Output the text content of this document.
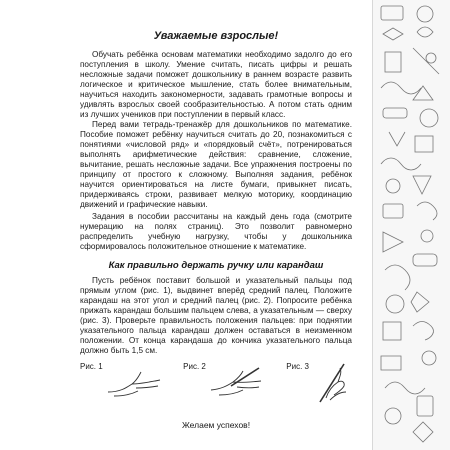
Уважаемые взрослые!

Обучать ребёнка основам математики необходимо задолго до его поступления в школу. Умение считать, писать цифры и решать несложные задачи поможет дошкольнику в раннем возрасте развить логическое и критическое мышление, стать более внимательным, научиться находить закономерности, задавать грамотные вопросы и удивлять взрослых своей сообразительностью. А потом стать одним из лучших учеников при поступлении в первый класс.

Перед вами тетрадь-тренажёр для дошкольников по математике. Пособие поможет ребёнку научиться считать до 20, познакомиться с понятиями «числовой ряд» и «порядковый счёт», потренироваться выполнять арифметические действия: сравнение, сложение, вычитание, решать несложные задачи. Все упражнения построены по принципу от простого к сложному. Выполняя задания, ребёнок научится ориентироваться на листе бумаги, привыкнет писать, придерживаясь строки, развивает мелкую моторику, координацию движений и графические навыки.

Задания в пособии рассчитаны на каждый день года (смотрите нумерацию на полях страниц). Это позволит равномерно распределить учебную нагрузку, чтобы у дошкольника сформировалось положительное отношение к математике.

Как правильно держать ручку или карандаш

Пусть ребёнок поставит большой и указательный пальцы под прямым углом (рис. 1), выдвинет вперёд средний палец. Положите карандаш на этот угол и средний палец (рис. 2). Попросите ребёнка прижать карандаш большим пальцем слева, а указательным — сверху (рис. 3). Проверьте правильность положения пальцев: при поднятии указательного пальца карандаш должен оставаться в неизменном положении. От конца карандаша до кончика указательного пальца должно быть 1,5 см.

Рис. 1	Рис. 2	Рис. 3
Желаем успехов!
